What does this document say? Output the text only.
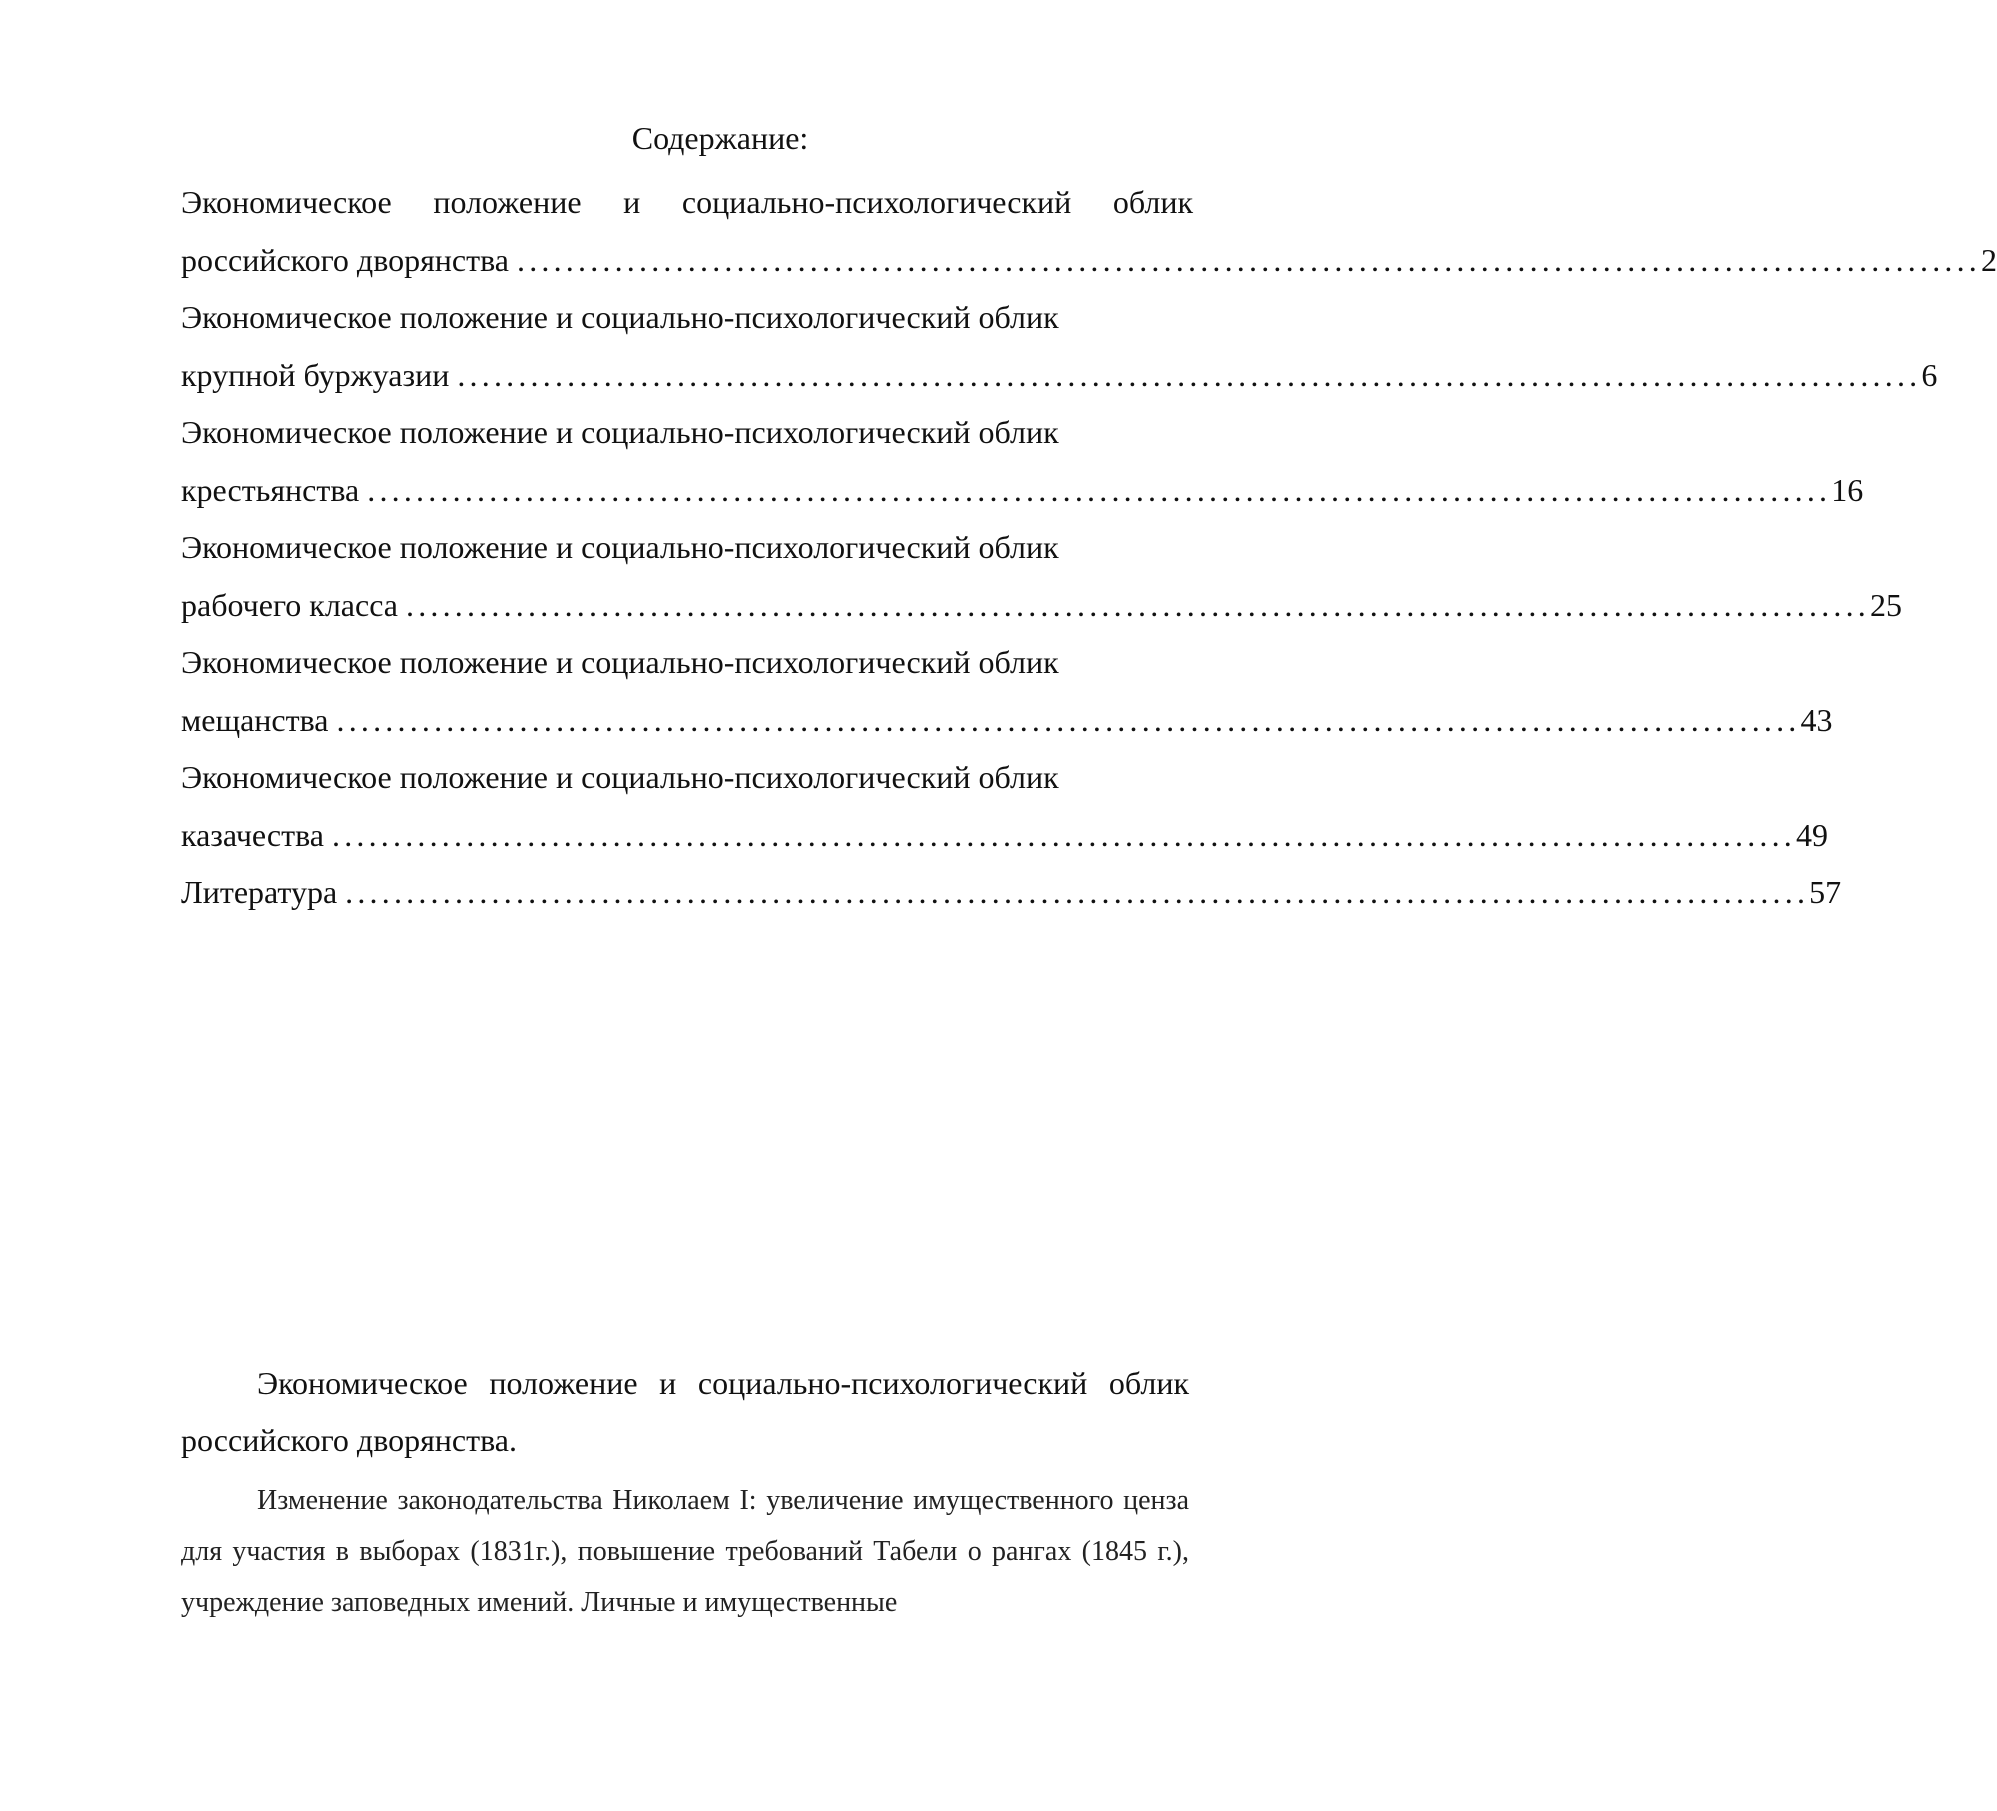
Содержание:
Экономическое положение и социально-психологический облик
российского дворянства ........................................................................................................................ 2
Экономическое положение и социально-психологический облик
крупной буржуазии ........................................................................................................................ 6
Экономическое положение и социально-психологический облик
крестьянства ........................................................................................................................ 16
Экономическое положение и социально-психологический облик
рабочего класса ........................................................................................................................ 25
Экономическое положение и социально-психологический облик
мещанства ........................................................................................................................ 43
Экономическое положение и социально-психологический облик
казачества ........................................................................................................................ 49
Литература ........................................................................................................................ 57

Экономическое положение и социально-психологический облик российского дворянства.

Изменение законодательства Николаем I: увеличение имущественного ценза для участия в выборах (1831г.), повышение требований Табели о рангах (1845 г.), учреждение заповедных имений. Личные и имущественные
